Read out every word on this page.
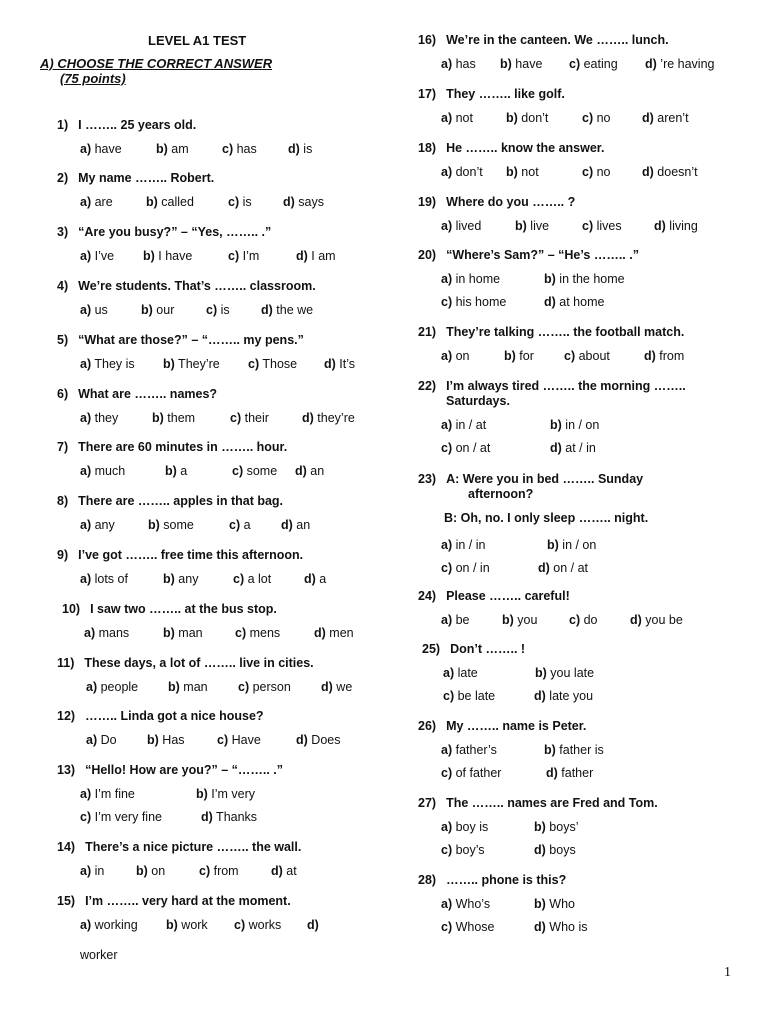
LEVEL A1 TEST
A) CHOOSE THE CORRECT ANSWER
(75 points)
1) I …….. 25 years old.
a) have	b) am	c) has d) is
2) My name …….. Robert.
a) are	b) called	c) is	d) says
3) “Are you busy?” – “Yes, …….. .”
a) I’ve b) I have	c) I’m	d) I am
4) We’re students. That’s …….. classroom.
a) us	b) our	c) is	d) the we
5) “What are those?” – “…….. my pens.”
a) They is b) They’re c) Those d) It’s
6) What are …….. names?
a) they	b) them	c) their	d) they’re
7) There are 60 minutes in …….. hour.
a) much	b) a	c) some d) an
8) There are …….. apples in that bag.
a) any	b) some	c) a d) an
9) I’ve got …….. free time this afternoon.
a) lots of	b) any	c) a lot	d) a
10) I saw two …….. at the bus stop.
a) mans	b) man	c) mens	d) men
11) These days, a lot of …….. live in cities.
a) people b) man c) person d) we
12) …….. Linda got a nice house?
a) Do b) Has	c) Have	d) Does
13) “Hello! How are you?” – “…….. .”
a) I’m fine	b) I’m very
c) I’m very fine	d) Thanks
14) There’s a nice picture …….. the wall.
a) in	b) on	c) from	d) at
15) I’m …….. very hard at the moment.
a) working b) work c) works d)
worker
16) We’re in the canteen. We …….. lunch.
a) has b) have c) eating d) ’re having
17) They …….. like golf.
a) not	b) don’t	c) no	d) aren’t
18) He …….. know the answer.
a) don’t b) not	c) no	d) doesn’t
19) Where do you …….. ?
a) lived	b) live	c) lives	d) living
20) “Where’s Sam?” – “He’s …….. .”
a) in home	b) in the home
c) his home	d) at home
21) They’re talking …….. the football match.
a) on	b) for c) about	d) from
22) I’m always tired …….. the morning ……..
Saturdays.
a) in / at	b) in / on
c) on / at	d) at / in
23) A: Were you in bed …….. Sunday
afternoon?
B: Oh, no. I only sleep …….. night.
a) in / in	b) in / on
c) on / in	d) on / at
24) Please …….. careful!
a) be	b) you	c) do	d) you be
25) Don’t …….. !
a) late	b) you late
c) be late	d) late you
26) My …….. name is Peter.
a) father’s	b) father is
c) of father	d) father
27) The …….. names are Fred and Tom.
a) boy is	b) boys’
c) boy’s	d) boys
28) …….. phone is this?
a) Who’s	b) Who
c) Whose	d) Who is
1
